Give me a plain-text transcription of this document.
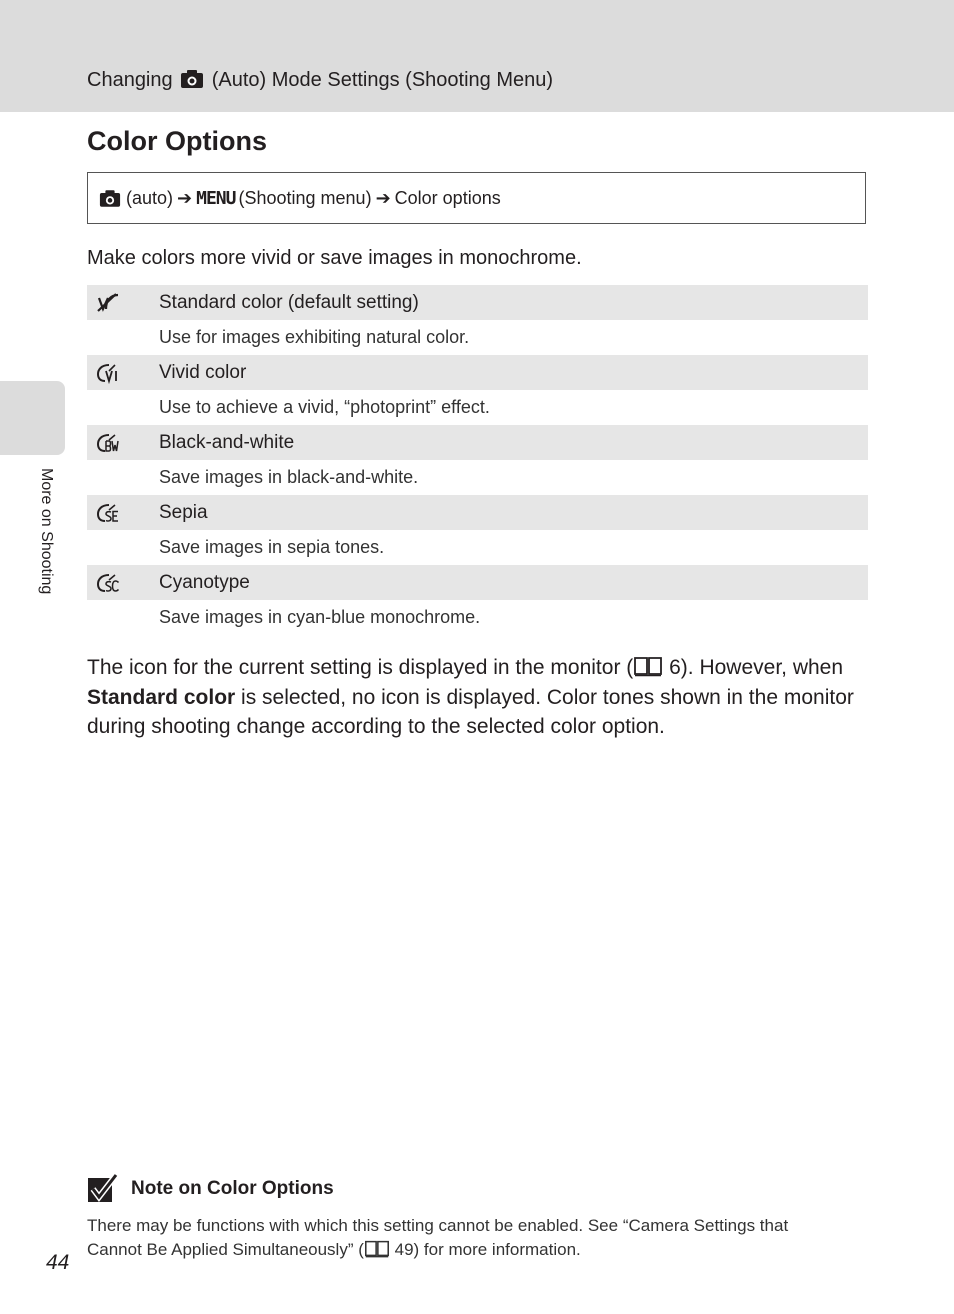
Changing (Auto) Mode Settings (Shooting Menu)
Color Options
(auto) ➔ MENU (Shooting menu) ➔ Color options
Make colors more vivid or save images in monochrome.
Standard color (default setting)
Use for images exhibiting natural color.
Vivid color
Use to achieve a vivid, “photoprint” effect.
Black-and-white
Save images in black-and-white.
Sepia
Save images in sepia tones.
Cyanotype
Save images in cyan-blue monochrome.

The icon for the current setting is displayed in the monitor ( 6). However, when Standard color is selected, no icon is displayed. Color tones shown in the monitor during shooting change according to the selected color option.

More on Shooting
Note on Color Options

There may be functions with which this setting cannot be enabled. See “Camera Settings that Cannot Be Applied Simultaneously” ( 49) for more information.

44
